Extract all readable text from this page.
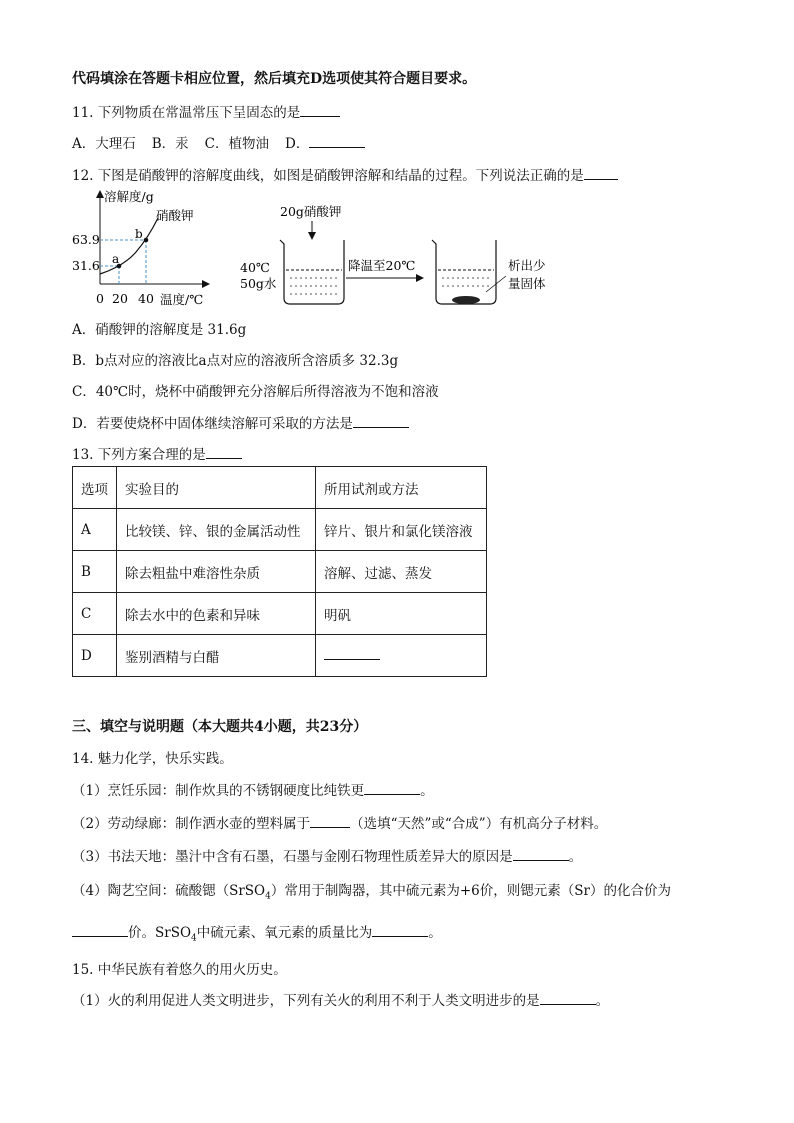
代码填涂在答题卡相应位置，然后填充D选项使其符合题目要求。
11. 下列物质在常温常压下呈固态的是
A．大理石 B．汞 C．植物油 D．
12. 下图是硝酸钾的溶解度曲线，如图是硝酸钾溶解和结晶的过程。下列说法正确的是
a
b
溶解度/g
硝酸钾
63.9
31.6
0 20 40 温度/℃
20g硝酸钾
40℃
50g水
降温至20℃	析出少
量固体
A．硝酸钾的溶解度是 31.6g
B．b点对应的溶液比a点对应的溶液所含溶质多 32.3g
C．40℃时，烧杯中硝酸钾充分溶解后所得溶液为不饱和溶液
D．若要使烧杯中固体继续溶解可采取的方法是
13. 下列方案合理的是
选项	实验目的	所用试剂或方法
A	比较镁、锌、银的金属活动性	锌片、银片和氯化镁溶液
B	除去粗盐中难溶性杂质	溶解、过滤、蒸发
C	除去水中的色素和异味	明矾
D	鉴别酒精与白醋	
三、填空与说明题（本大题共4小题，共23分）
14. 魅力化学，快乐实践。
（1）烹饪乐园：制作炊具的不锈钢硬度比纯铁更	。
（2）劳动绿廊：制作洒水壶的塑料属于	（选填“天然”或“合成”）有机高分子材料。
（3）书法天地：墨汁中含有石墨，石墨与金刚石物理性质差异大的原因是	。
（4）陶艺空间：硫酸锶（SrSO$_4$）常用于制陶器，其中硫元素为+6价，则锶元素（Sr）的化合价为
价。SrSO$_4$中硫元素、氧元素的质量比为	。
15. 中华民族有着悠久的用火历史。
（1）火的利用促进人类文明进步，下列有关火的利用不利于人类文明进步的是	。
